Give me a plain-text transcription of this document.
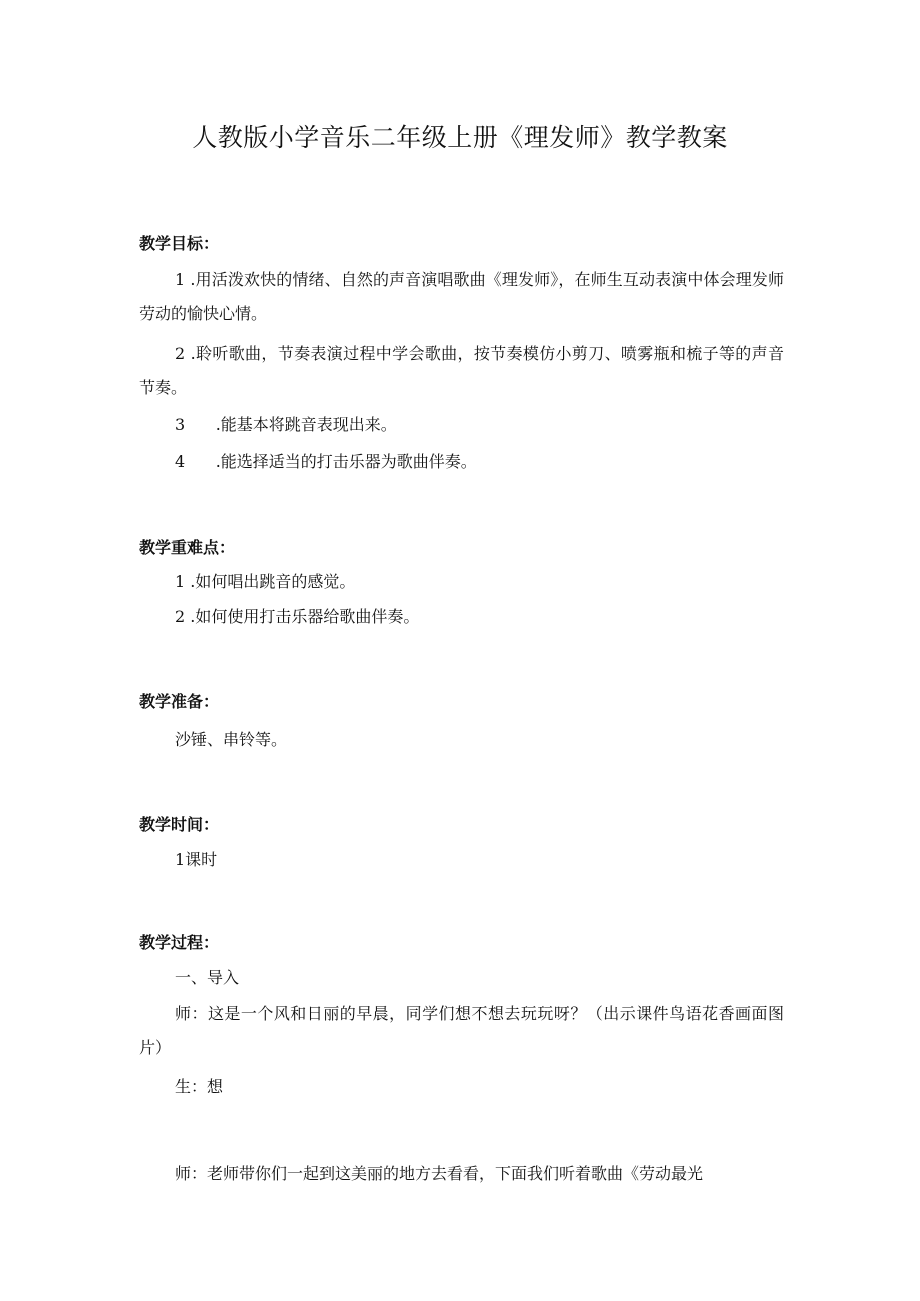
人教版小学音乐二年级上册《理发师》教学教案
教学目标：
1 .用活泼欢快的情绪、自然的声音演唱歌曲《理发师》，在师生互动表演中体会理发师劳动的愉快心情。
2 .聆听歌曲，节奏表演过程中学会歌曲，按节奏模仿小剪刀、喷雾瓶和梳子等的声音节奏。
3      .能基本将跳音表现出来。
4      .能选择适当的打击乐器为歌曲伴奏。
教学重难点：
1 .如何唱出跳音的感觉。
2 .如何使用打击乐器给歌曲伴奏。
教学准备：
沙锤、串铃等。
教学时间：
1课时
教学过程：
一、导入
师：这是一个风和日丽的早晨，同学们想不想去玩玩呀？（出示课件鸟语花香画面图片）
生：想
师：老师带你们一起到这美丽的地方去看看，下面我们听着歌曲《劳动最光
